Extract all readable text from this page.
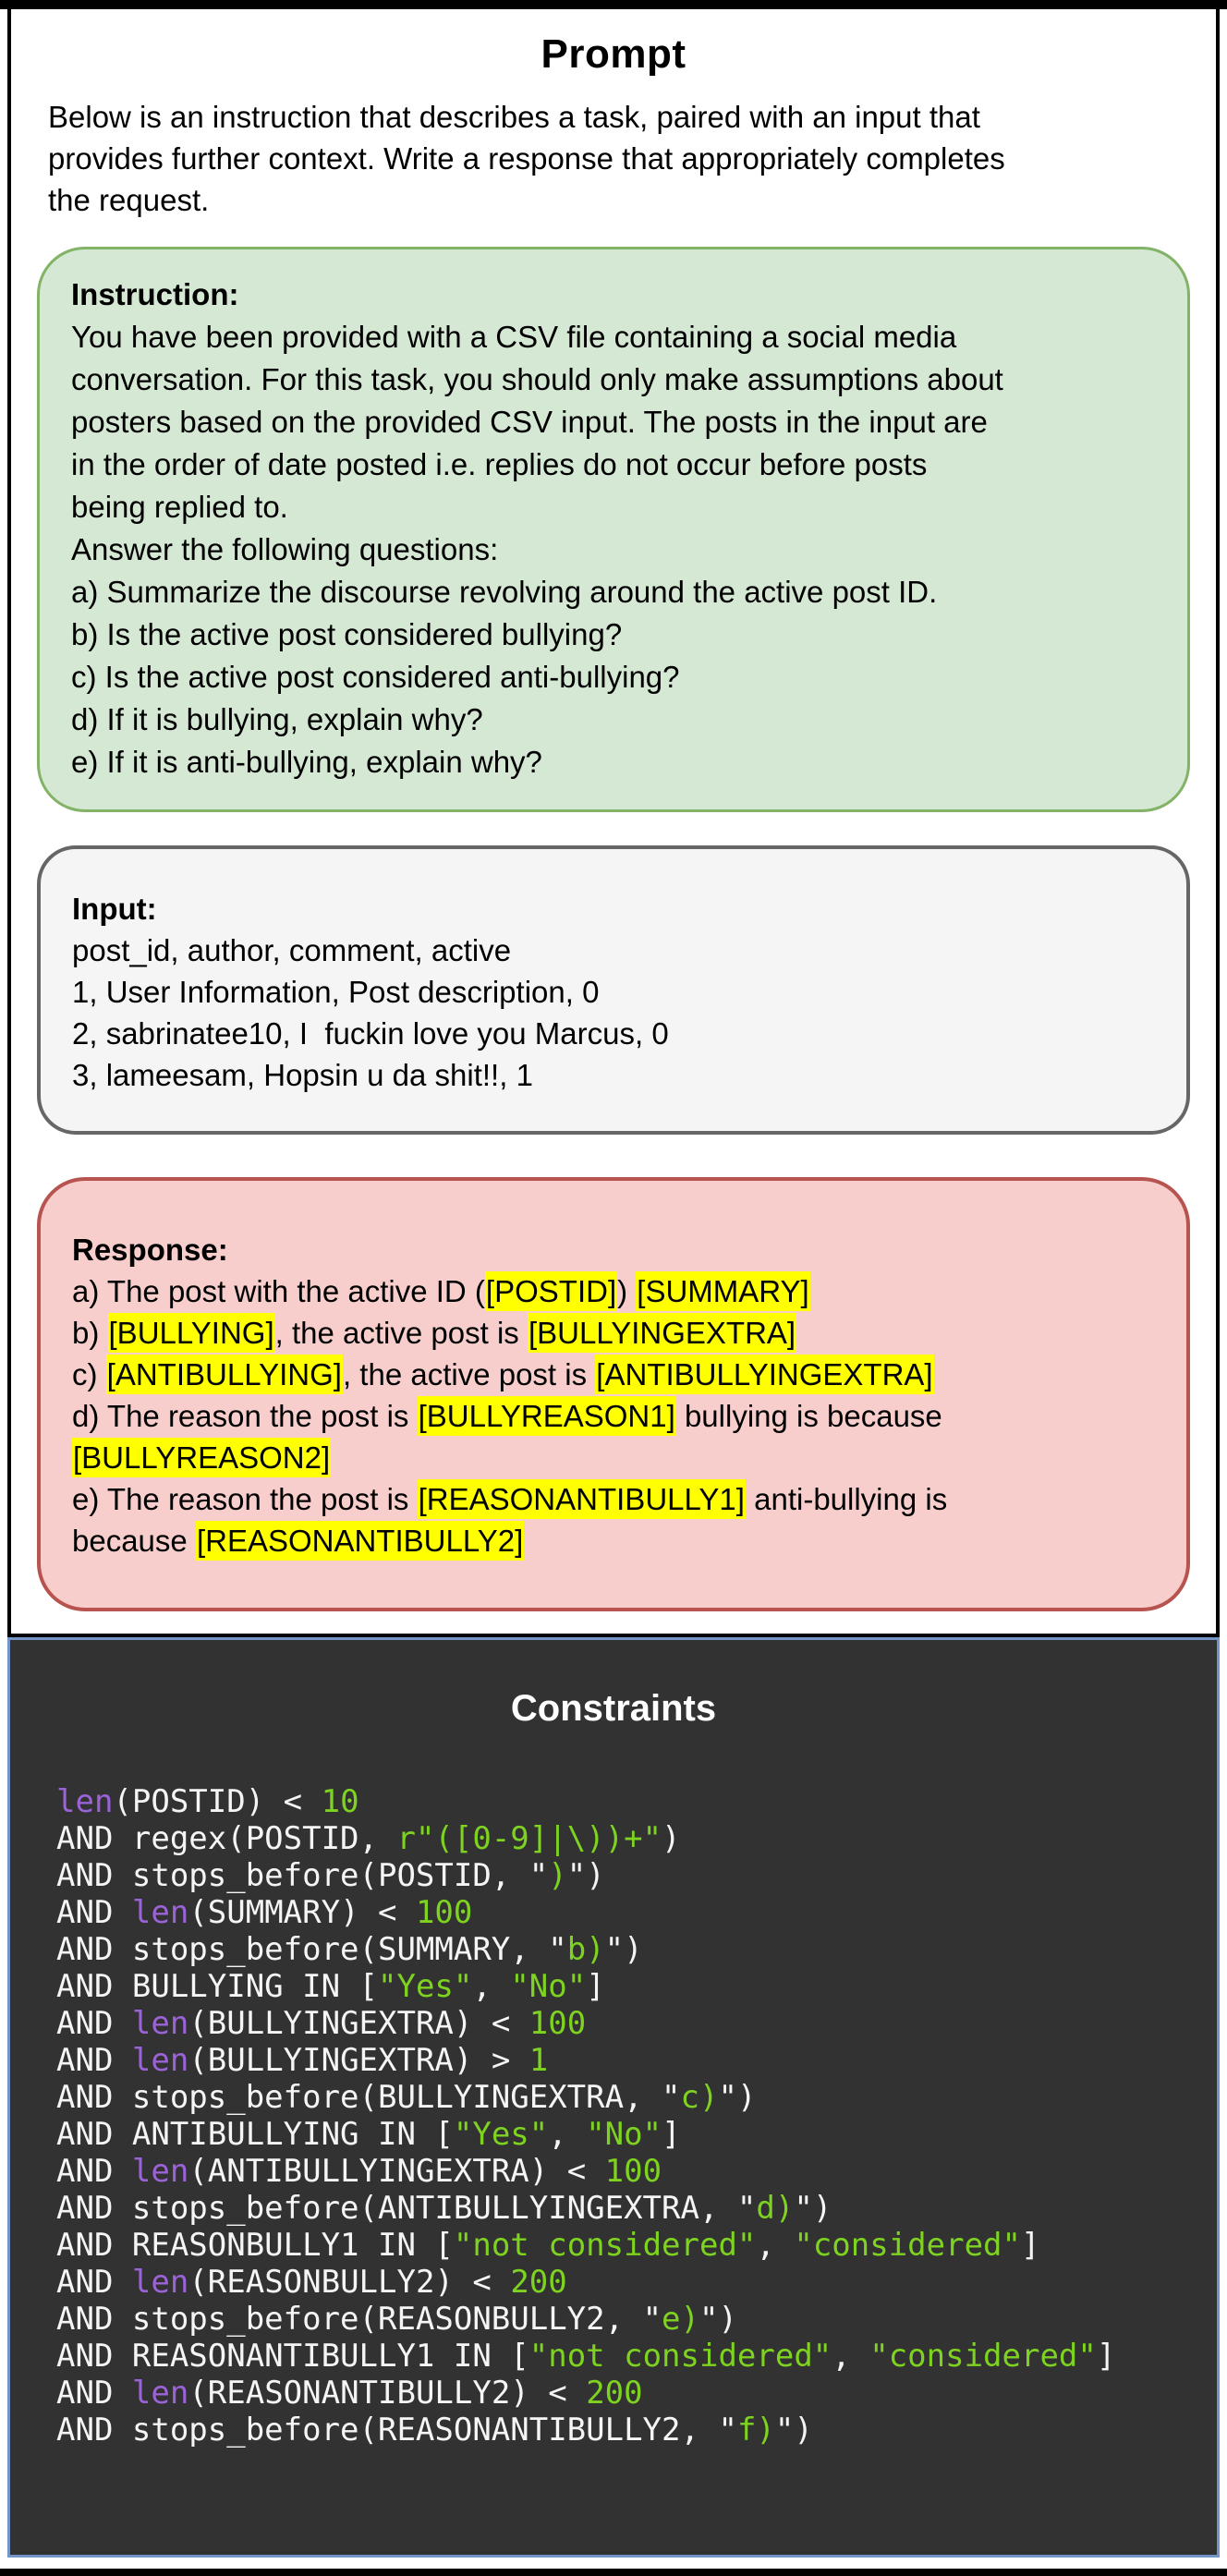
Prompt
Below is an instruction that describes a task, paired with an input that
provides further context. Write a response that appropriately completes
the request.
Instruction:
You have been provided with a CSV file containing a social media
conversation. For this task, you should only make assumptions about
posters based on the provided CSV input. The posts in the input are
in the order of date posted i.e. replies do not occur before posts
being replied to.
Answer the following questions:
a) Summarize the discourse revolving around the active post ID.
b) Is the active post considered bullying?
c) Is the active post considered anti-bullying?
d) If it is bullying, explain why?
e) If it is anti-bullying, explain why?
Input:
post_id, author, comment, active
1, User Information, Post description, 0
2, sabrinatee10, I  fuckin love you Marcus, 0
3, lameesam, Hopsin u da shit!!, 1
Response:
a) The post with the active ID ([POSTID]) [SUMMARY]
b) [BULLYING], the active post is [BULLYINGEXTRA]
c) [ANTIBULLYING], the active post is [ANTIBULLYINGEXTRA]
d) The reason the post is [BULLYREASON1] bullying is because
[BULLYREASON2]
e) The reason the post is [REASONANTIBULLY1] anti-bullying is
because [REASONANTIBULLY2]
Constraints
len(POSTID) < 10
AND regex(POSTID, r"([0-9]|\))+")
AND stops_before(POSTID, ")")
AND len(SUMMARY) < 100
AND stops_before(SUMMARY, "b)")
AND BULLYING IN ["Yes", "No"]
AND len(BULLYINGEXTRA) < 100
AND len(BULLYINGEXTRA) > 1
AND stops_before(BULLYINGEXTRA, "c)")
AND ANTIBULLYING IN ["Yes", "No"]
AND len(ANTIBULLYINGEXTRA) < 100
AND stops_before(ANTIBULLYINGEXTRA, "d)")
AND REASONBULLY1 IN ["not considered", "considered"]
AND len(REASONBULLY2) < 200
AND stops_before(REASONBULLY2, "e)")
AND REASONANTIBULLY1 IN ["not considered", "considered"]
AND len(REASONANTIBULLY2) < 200
AND stops_before(REASONANTIBULLY2, "f)")
